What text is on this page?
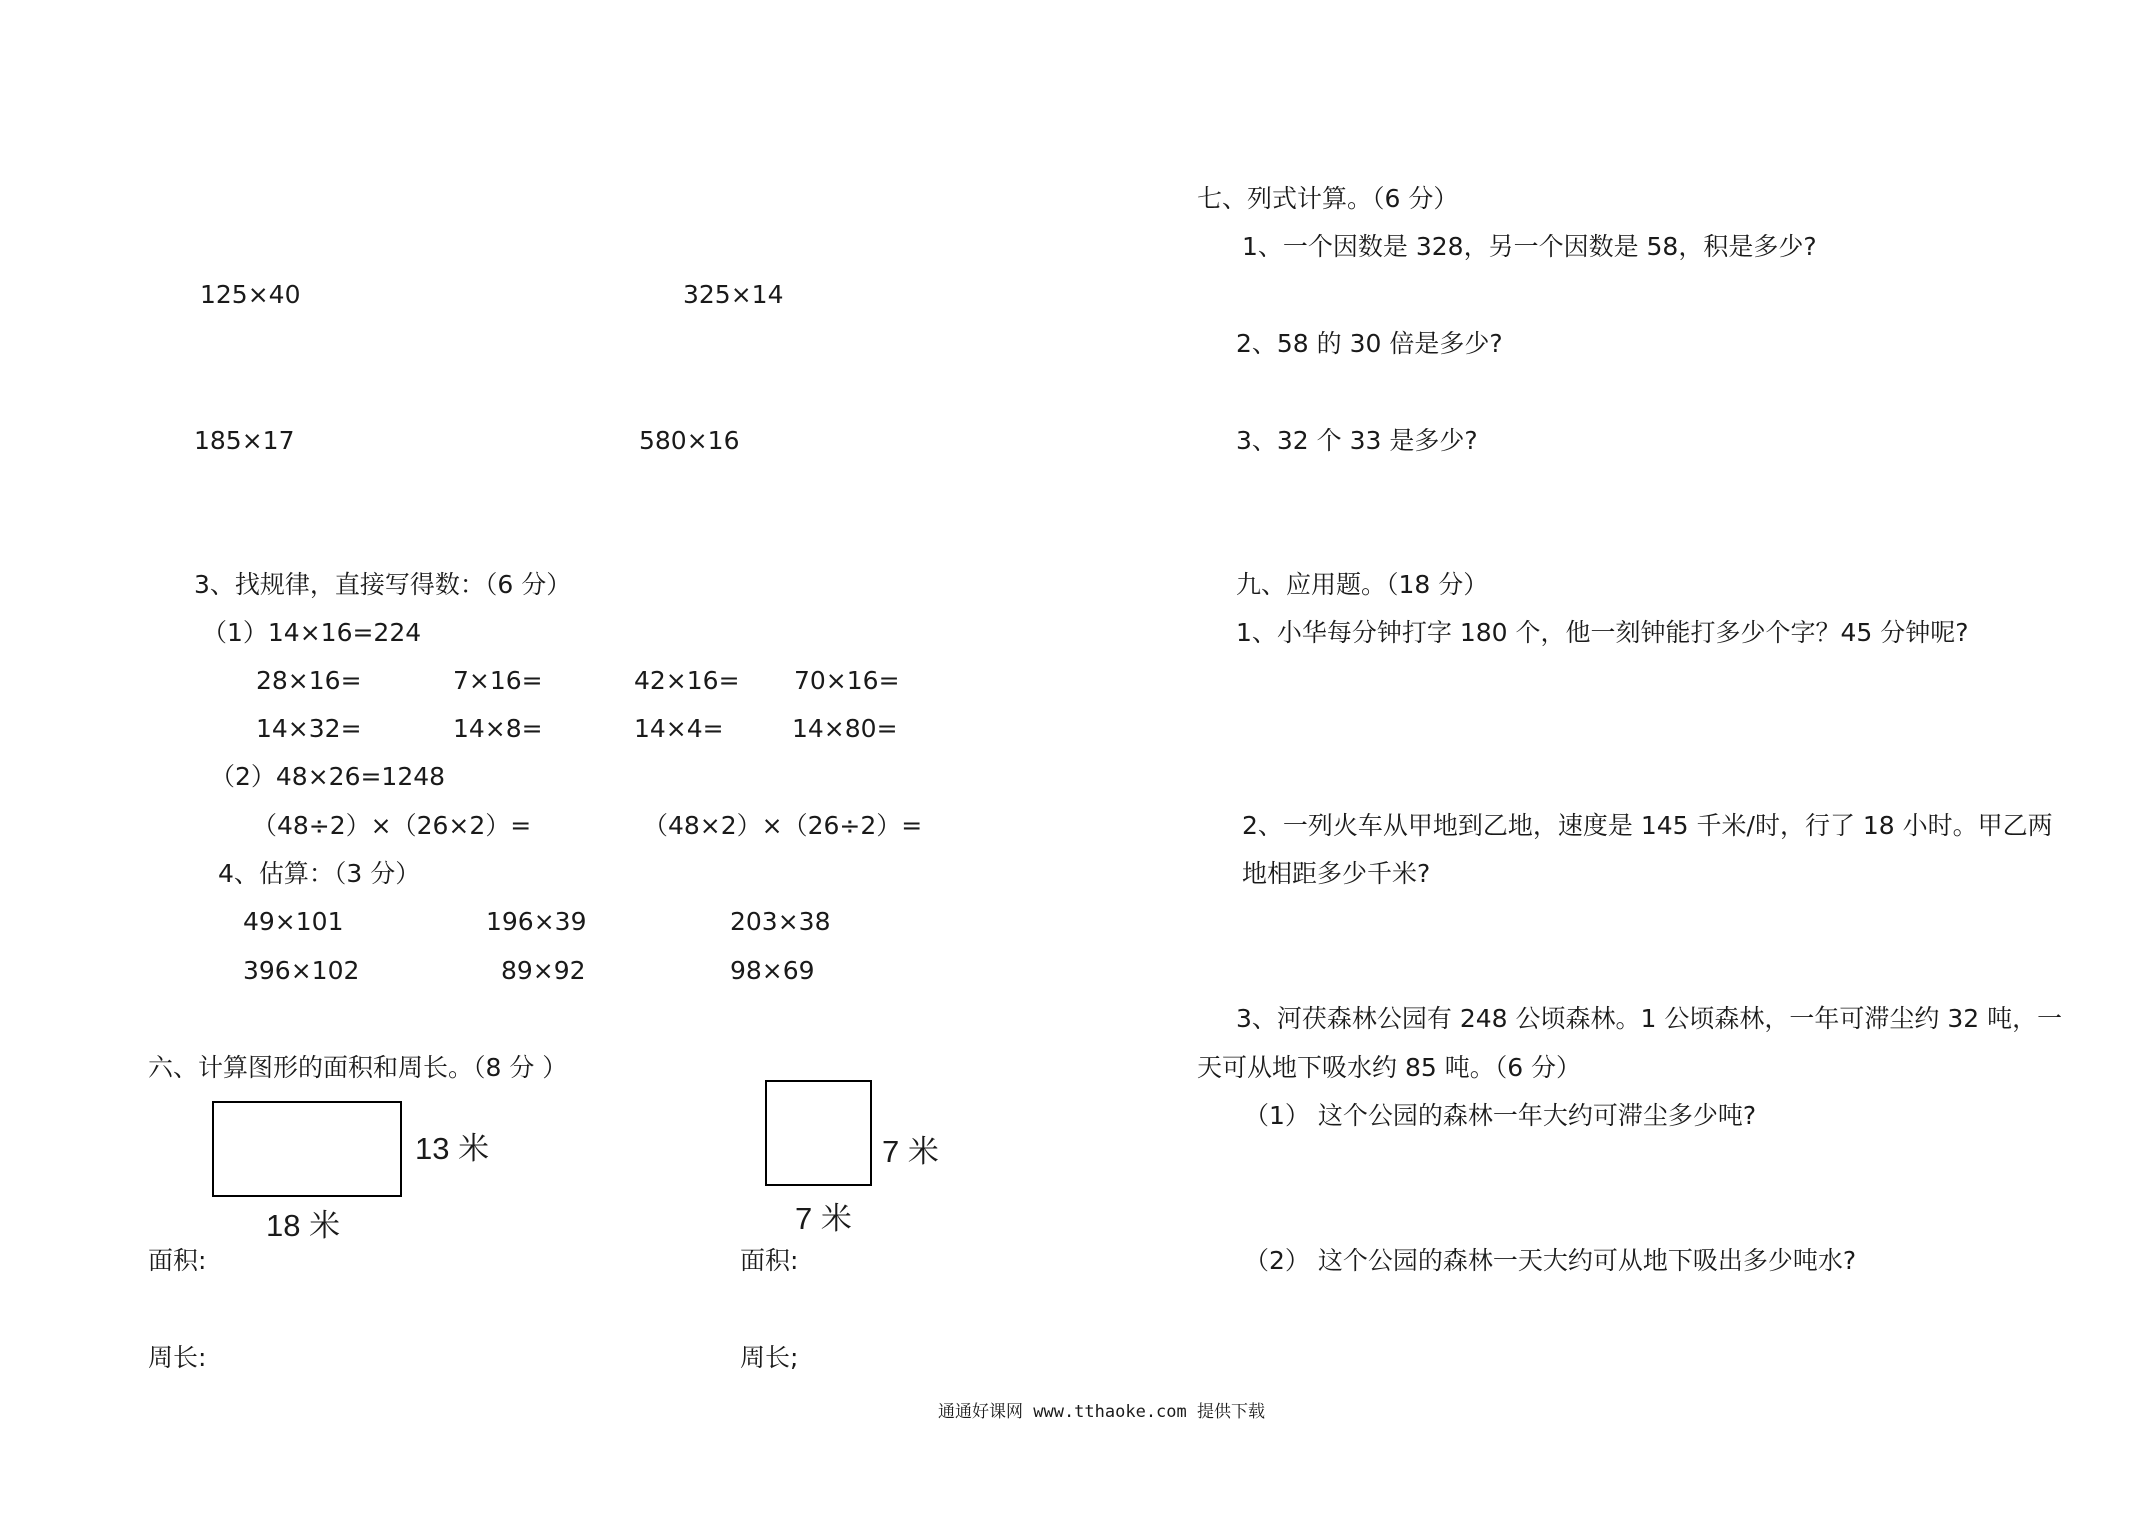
125×40	325×14
185×17	580×16
3、找规律，直接写得数：（6 分）
（1）14×16=224
28×16=	7×16=	42×16= 70×16=
14×32=	14×8=	14×4=	14×80=
（2）48×26=1248
（48÷2）×（26×2）=	（48×2）×（26÷2）=
4、估算：（3 分）
49×101	196×39	203×38
396×102	89×92	98×69
六、计算图形的面积和周长。（8 分 ）
13 米
18 米
7 米
7 米
面积:	面积:
周长:	周长;
七、列式计算。（6 分）
1、一个因数是 328，另一个因数是 58，积是多少?
2、58 的 30 倍是多少?
3、32 个 33 是多少?
九、应用题。（18 分）
1、小华每分钟打字 180 个，他一刻钟能打多少个字？45 分钟呢?
2、一列火车从甲地到乙地，速度是 145 千米/时，行了 18 小时。甲乙两
地相距多少千米?
3、河茯森林公园有 248 公顷森林。1 公顷森林，一年可滞尘约 32 吨，一
天可从地下吸水约 85 吨。（6 分）
（1） 这个公园的森林一年大约可滞尘多少吨?
（2） 这个公园的森林一天大约可从地下吸出多少吨水?
通通好课网 www.tthaoke.com 提供下载
